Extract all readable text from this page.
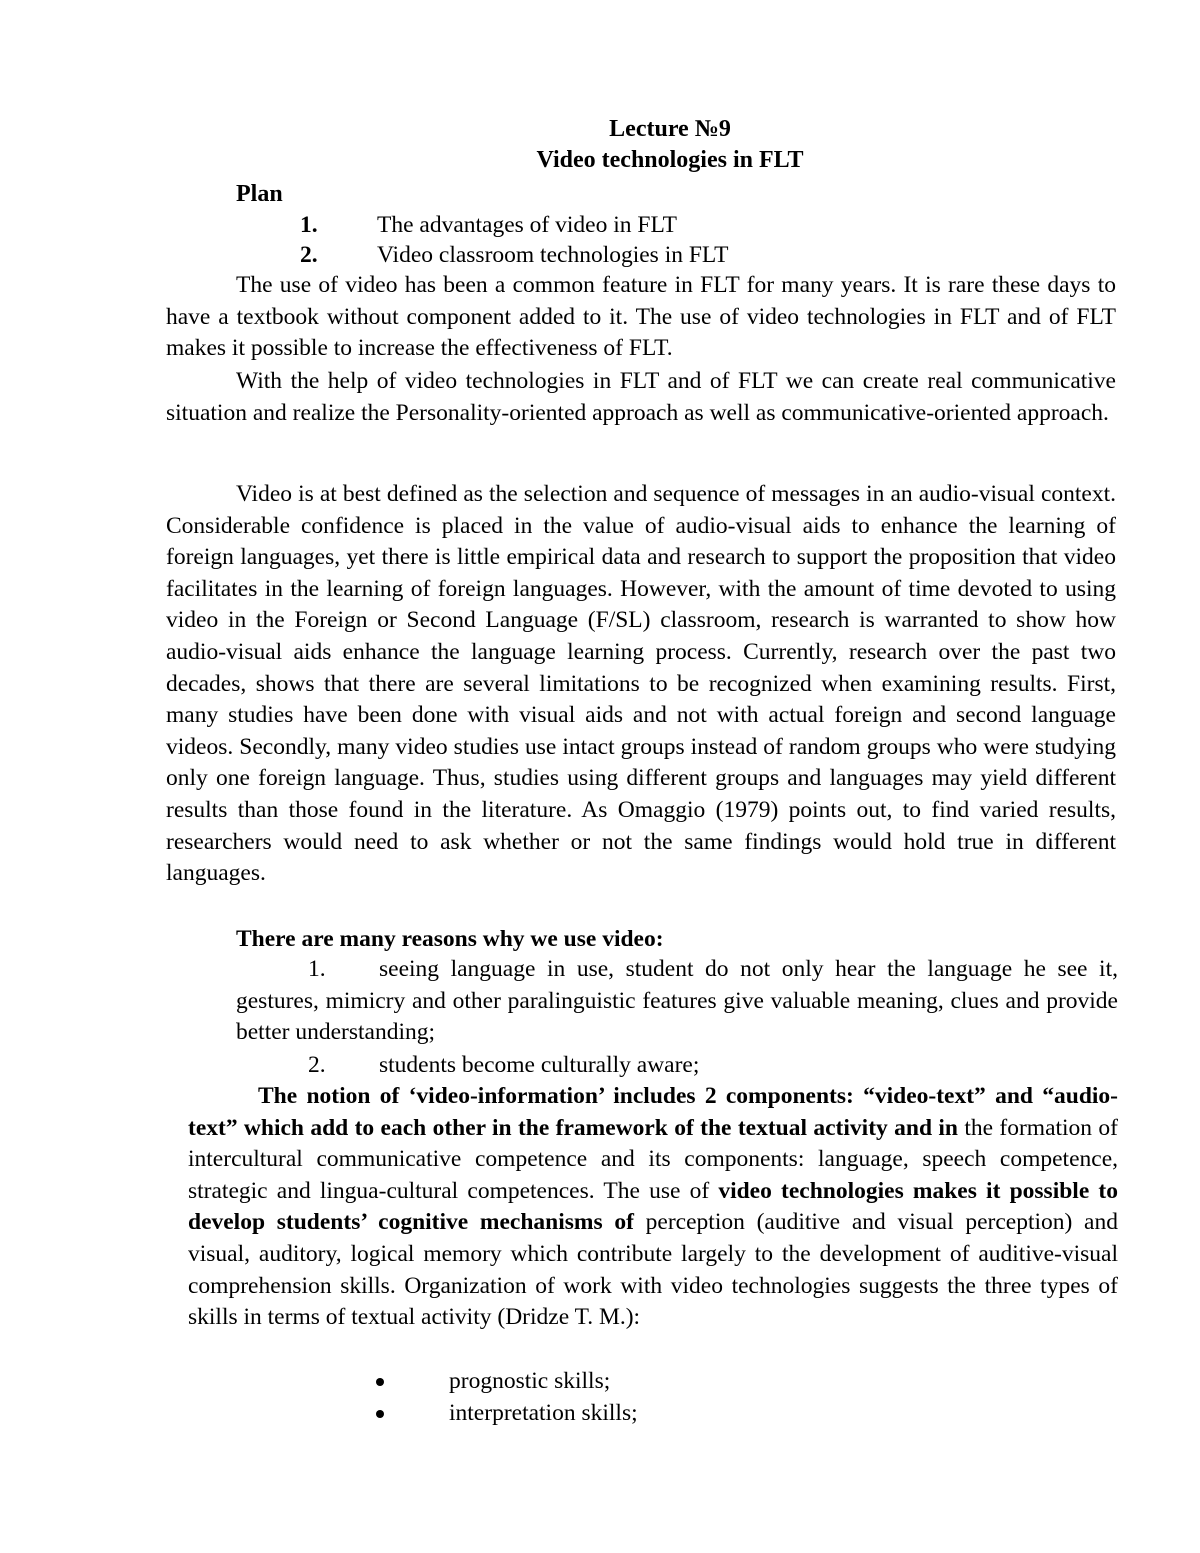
Lecture №9
Video technologies in FLT
Plan
1.	The advantages of video in FLT
2.	Video classroom technologies in FLT

The use of video has been a common feature in FLT for many years. It is rare these days to have a textbook without component added to it. The use of video technologies in FLT and of FLT makes it possible to increase the effectiveness of FLT.

With the help of video technologies in FLT and of FLT we can create real communicative situation and realize the Personality-oriented approach as well as communicative-oriented approach.

Video is at best defined as the selection and sequence of messages in an audio-visual context. Considerable confidence is placed in the value of audio-visual aids to enhance the learning of foreign languages, yet there is little empirical data and research to support the proposition that video facilitates in the learning of foreign languages. However, with the amount of time devoted to using video in the Foreign or Second Language (F/SL) classroom, research is warranted to show how audio-visual aids enhance the language learning process. Currently, research over the past two decades, shows that there are several limitations to be recognized when examining results. First, many studies have been done with visual aids and not with actual foreign and second language videos. Secondly, many video studies use intact groups instead of random groups who were studying only one foreign language. Thus, studies using different groups and languages may yield different results than those found in the literature. As Omaggio (1979) points out, to find varied results, researchers would need to ask whether or not the same findings would hold true in different languages.

There are many reasons why we use video:

1.	seeing language in use, student do not only hear the language he see it, gestures, mimicry and other paralinguistic features give valuable meaning, clues and provide better understanding;

2.	students become culturally aware;

The notion of ‘video-information’ includes 2 components: “video-text” and “audio-text” which add to each other in the framework of the textual activity and in the formation of intercultural communicative competence and its components: language, speech competence, strategic and lingua-cultural competences. The use of video technologies makes it possible to develop students’ cognitive mechanisms of perception (auditive and visual perception) and visual, auditory, logical memory which contribute largely to the development of auditive-visual comprehension skills. Organization of work with video technologies suggests the three types of skills in terms of textual activity (Dridze T. M.):

prognostic skills;
interpretation skills;
